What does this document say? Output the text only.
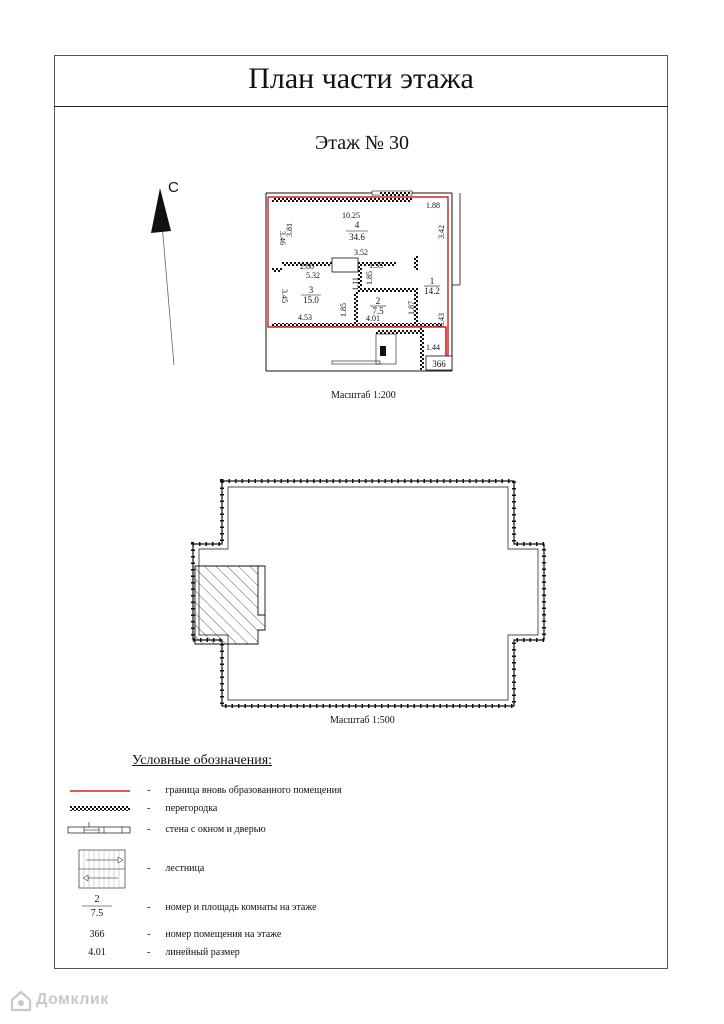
План части этажа
Этаж № 30
С
10.25
1.88
3.46
3.81	3.42
3.52
2.80	1.55
5.32
1.11 1.85
3.45
1.85	1.87
5.43
4.53	4.01
1.44
4
34.6
3
15.0	2
7.5
1
14.2
366
Масштаб 1:200
Масштаб 1:500
Условные обозначения:
- граница вновь образованного помещения
- перегородка
- стена с окном и дверью
- лестница
- номер и площадь комнаты на этаже
- номер помещения на этаже
- линейный размер
2
7.5
366
4.01
Домклик
